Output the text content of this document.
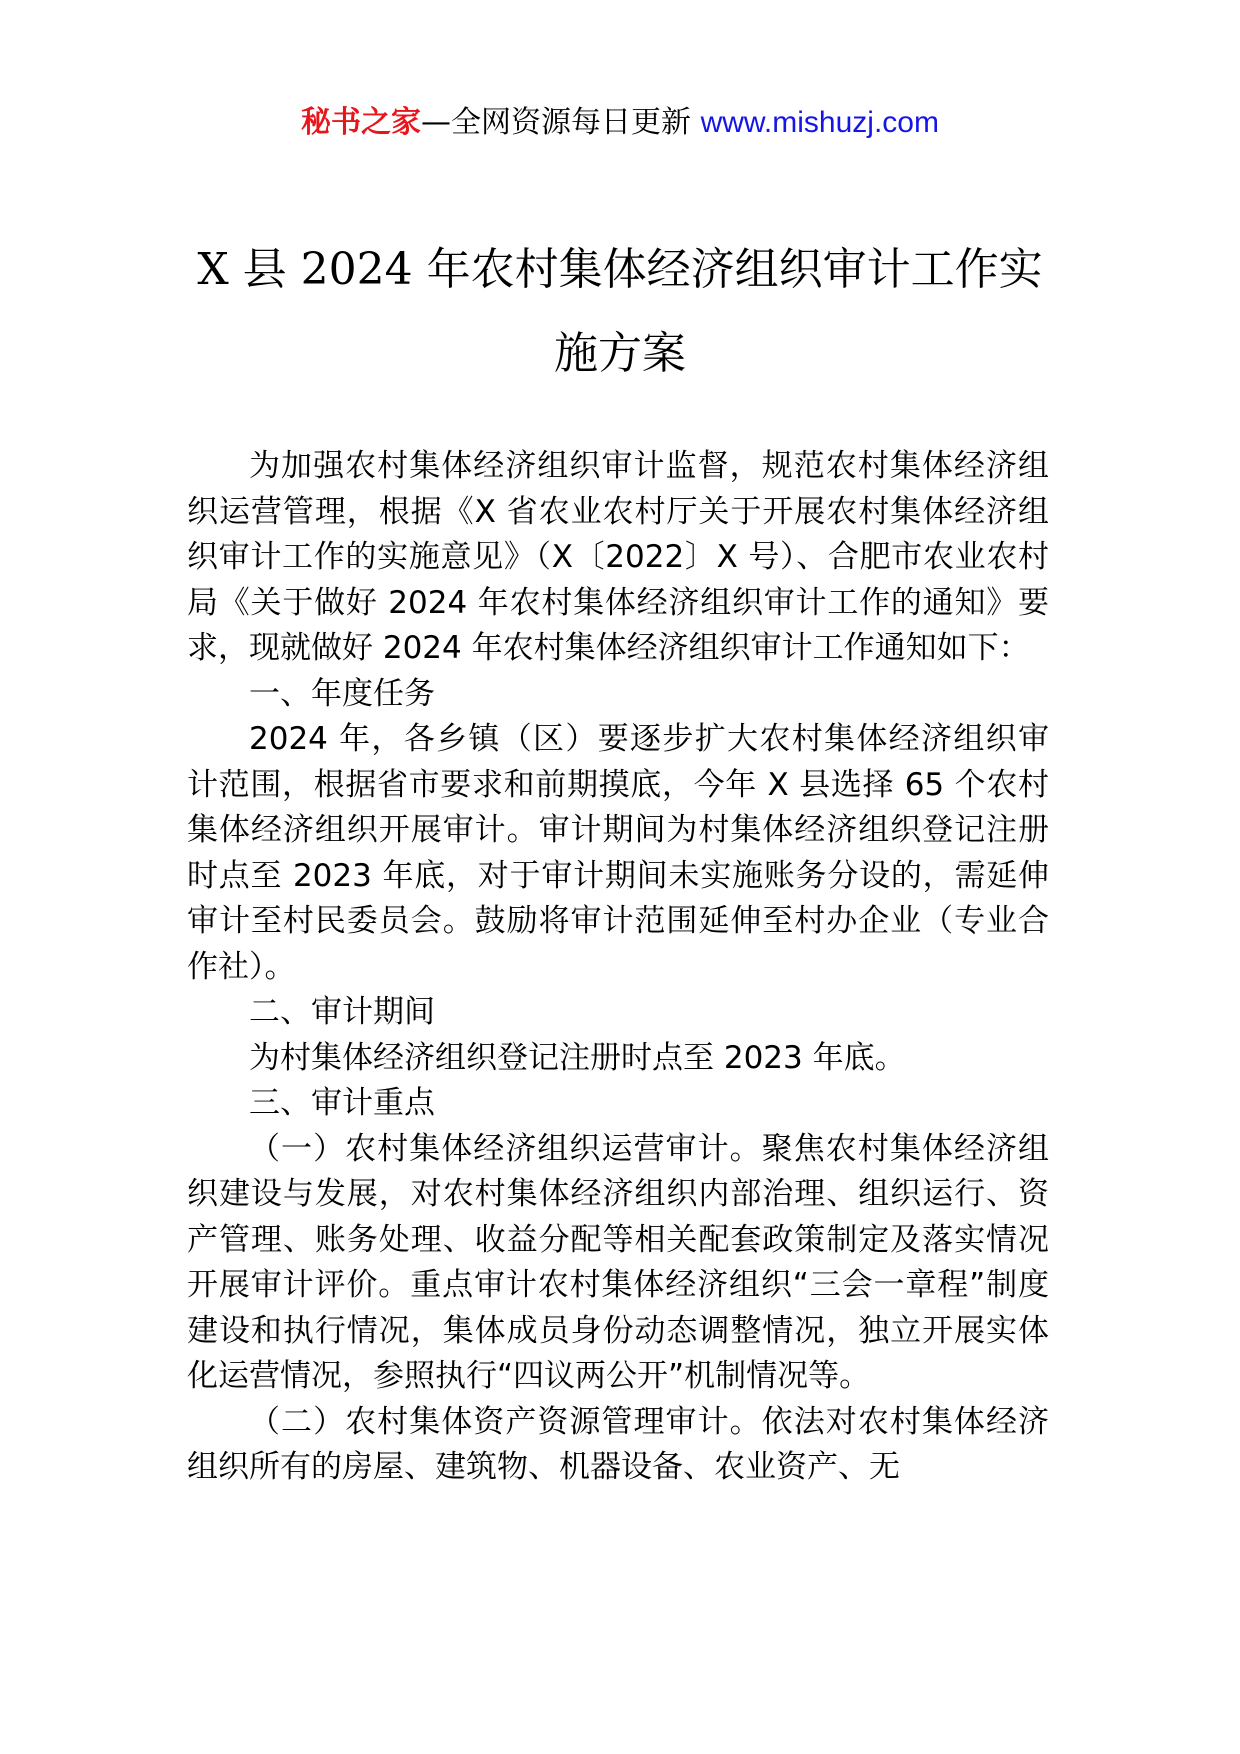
秘书之家—全网资源每日更新 www.mishuzj.com
X 县 2024 年农村集体经济组织审计工作实
施方案

为加强农村集体经济组织审计监督，规范农村集体经济组织运营管理，根据《X 省农业农村厅关于开展农村集体经济组织审计工作的实施意见》（X〔2022〕X 号）、合肥市农业农村局《关于做好 2024 年农村集体经济组织审计工作的通知》要求，现就做好 2024 年农村集体经济组织审计工作通知如下：

一、年度任务

2024 年，各乡镇（区）要逐步扩大农村集体经济组织审计范围，根据省市要求和前期摸底，今年 X 县选择 65 个农村集体经济组织开展审计。审计期间为村集体经济组织登记注册时点至 2023 年底，对于审计期间未实施账务分设的，需延伸审计至村民委员会。鼓励将审计范围延伸至村办企业（专业合作社）。

二、审计期间

为村集体经济组织登记注册时点至 2023 年底。

三、审计重点

（一）农村集体经济组织运营审计。聚焦农村集体经济组织建设与发展，对农村集体经济组织内部治理、组织运行、资产管理、账务处理、收益分配等相关配套政策制定及落实情况开展审计评价。重点审计农村集体经济组织“三会一章程”制度建设和执行情况，集体成员身份动态调整情况，独立开展实体化运营情况，参照执行“四议两公开”机制情况等。

（二）农村集体资产资源管理审计。依法对农村集体经济组织所有的房屋、建筑物、机器设备、农业资产、无
